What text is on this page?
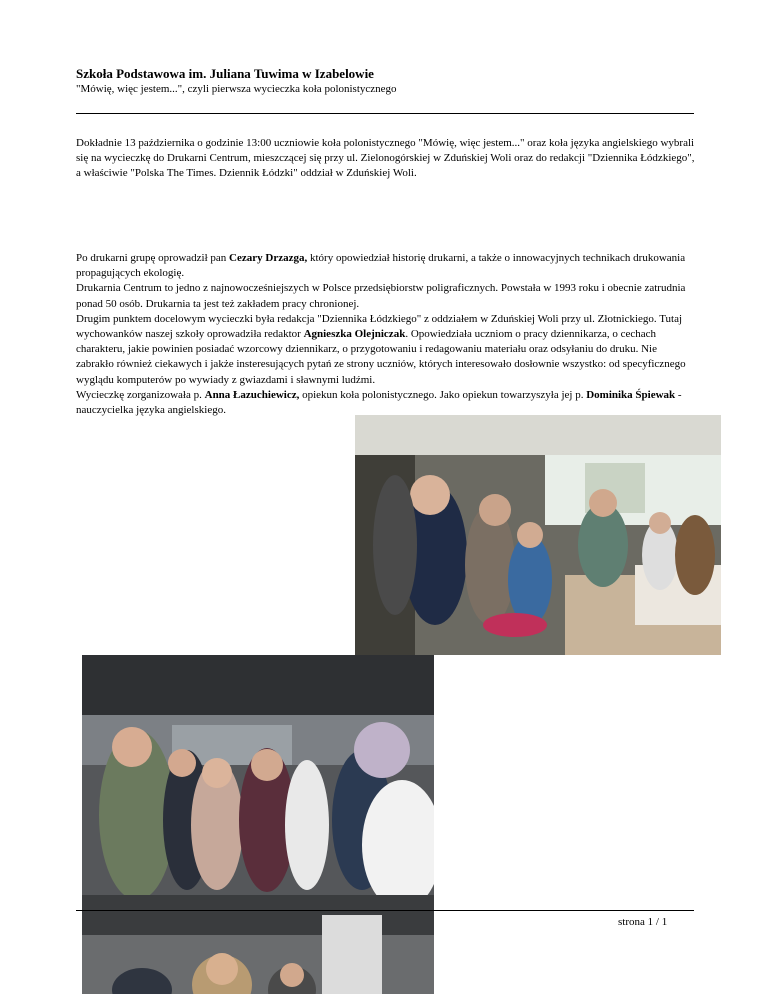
Szkoła Podstawowa im. Juliana Tuwima w Izabelowie
"Mówię, więc jestem...", czyli pierwsza wycieczka koła polonistycznego
Dokładnie 13 października o godzinie 13:00 uczniowie koła polonistycznego "Mówię, więc jestem..." oraz koła języka angielskiego wybrali się na wycieczkę do Drukarni Centrum, mieszczącej się przy ul. Zielonogórskiej w Zduńskiej Woli oraz do redakcji "Dziennika Łódzkiego", a właściwie "Polska The Times. Dziennik Łódzki" oddział w Zduńskiej Woli.
Po drukarni grupę oprowadził pan Cezary Drzazga, który opowiedział historię drukarni, a także o innowacyjnych technikach drukowania propagujących ekologię.
Drukarnia Centrum to jedno z najnowocześniejszych w Polsce przedsiębiorstw poligraficznych. Powstała w 1993 roku i obecnie zatrudnia ponad 50 osób. Drukarnia ta jest też zakładem pracy chronionej.
Drugim punktem docelowym wycieczki była redakcja "Dziennika Łódzkiego" z oddziałem w Zduńskiej Woli przy ul. Złotnickiego. Tutaj wychowanków naszej szkoły oprowadziła redaktor Agnieszka Olejniczak. Opowiedziała uczniom o pracy dziennikarza, o cechach charakteru, jakie powinien posiadać wzorcowy dziennikarz, o przygotowaniu i redagowaniu materiału oraz odsyłaniu do druku. Nie zabrakło również ciekawych i jakże insteresujących pytań ze strony uczniów, których interesowało dosłownie wszystko: od specyficznego wyglądu komputerów po wywiady z gwiazdami i sławnymi ludźmi.
Wycieczkę zorganizowała p. Anna Łazuchiewicz, opiekun koła polonistycznego. Jako opiekun towarzyszyła jej p. Dominika Śpiewak - nauczycielka języka angielskiego.
strona 1 / 1
